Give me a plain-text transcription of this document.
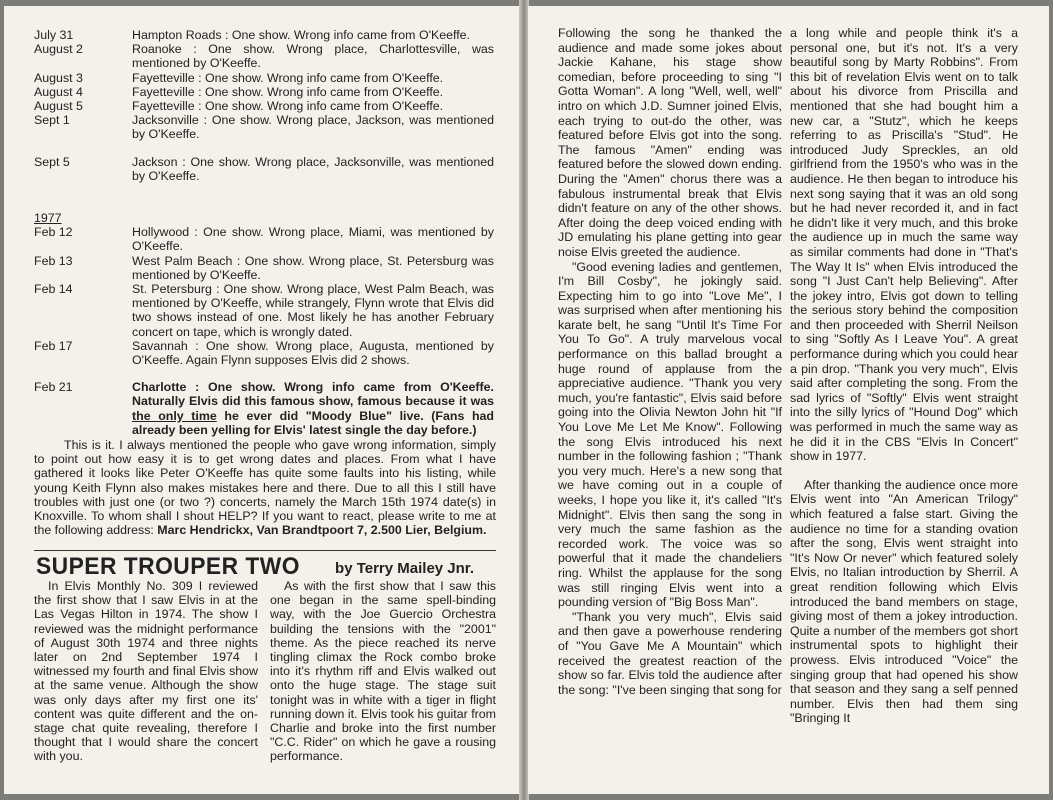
July 31	Hampton Roads : One show. Wrong info came from O'Keeffe.
August 2	Roanoke : One show. Wrong place, Charlottesville, was mentioned by O'Keeffe.
August 3	Fayetteville : One show. Wrong info came from O'Keeffe.
August 4	Fayetteville : One show. Wrong info came from O'Keeffe.
August 5	Fayetteville : One show. Wrong info came from O'Keeffe.
Sept 1	Jacksonville : One show. Wrong place, Jackson, was mentioned by O'Keeffe.
Sept 5	Jackson : One show. Wrong place, Jacksonville, was mentioned by O'Keeffe.
1977
Feb 12	Hollywood : One show. Wrong place, Miami, was mentioned by O'Keeffe.
Feb 13	West Palm Beach : One show. Wrong place, St. Petersburg was mentioned by O'Keeffe.
Feb 14	St. Petersburg : One show. Wrong place, West Palm Beach, was mentioned by O'Keeffe, while strangely, Flynn wrote that Elvis did two shows instead of one. Most likely he has another February concert on tape, which is wrongly dated.
Feb 17	Savannah : One show. Wrong place, Augusta, mentioned by O'Keeffe. Again Flynn supposes Elvis did 2 shows.
Feb 21	Charlotte : One show. Wrong info came from O'Keeffe. Naturally Elvis did this famous show, famous because it was the only time he ever did "Moody Blue" live. (Fans had already been yelling for Elvis' latest single the day before.)
This is it. I always mentioned the people who gave wrong information, simply to point out how easy it is to get wrong dates and places. From what I have gathered it looks like Peter O'Keeffe has quite some faults into his listing, while young Keith Flynn also makes mistakes here and there. Due to all this I still have troubles with just one (or two ?) concerts, namely the March 15th 1974 date(s) in Knoxville. To whom shall I shout HELP? If you want to react, please write to me at the following address: Marc Hendrickx, Van Brandtpoort 7, 2.500 Lier, Belgium.
SUPER TROUPER TWO by Terry Mailey Jnr.
In Elvis Monthly No. 309 I reviewed the first show that I saw Elvis in at the Las Vegas Hilton in 1974. The show I reviewed was the midnight performance of August 30th 1974 and three nights later on 2nd September 1974 I witnessed my fourth and final Elvis show at the same venue. Although the show was only days after my first one its' content was quite different and the on-stage chat quite revealing, therefore I thought that I would share the concert with you.
As with the first show that I saw this one began in the same spell-binding way, with the Joe Guercio Orchestra building the tensions with the "2001" theme. As the piece reached its nerve tingling climax the Rock combo broke into it's rhythm riff and Elvis walked out onto the huge stage. The stage suit tonight was in white with a tiger in flight running down it. Elvis took his guitar from Charlie and broke into the first number "C.C. Rider" on which he gave a rousing performance.

Following the song he thanked the audience and made some jokes about Jackie Kahane, his stage show comedian, before proceeding to sing "I Gotta Woman". A long "Well, well, well" intro on which J.D. Sumner joined Elvis, each trying to out-do the other, was featured before Elvis got into the song. The famous "Amen" ending was featured before the slowed down ending. During the "Amen" chorus there was a fabulous instrumental break that Elvis didn't feature on any of the other shows. After doing the deep voiced ending with JD emulating his plane getting into gear noise Elvis greeted the audience.

"Good evening ladies and gentlemen, I'm Bill Cosby", he jokingly said. Expecting him to go into "Love Me", I was surprised when after mentioning his karate belt, he sang "Until It's Time For You To Go". A truly marvelous vocal performance on this ballad brought a huge round of applause from the appreciative audience. "Thank you very much, you're fantastic", Elvis said before going into the Olivia Newton John hit "If You Love Me Let Me Know". Following the song Elvis introduced his next number in the following fashion ; "Thank you very much. Here's a new song that we have coming out in a couple of weeks, I hope you like it, it's called "It's Midnight". Elvis then sang the song in very much the same fashion as the recorded work. The voice was so powerful that it made the chandeliers ring. Whilst the applause for the song was still ringing Elvis went into a pounding version of "Big Boss Man".

"Thank you very much", Elvis said and then gave a powerhouse rendering of "You Gave Me A Mountain" which received the greatest reaction of the show so far. Elvis told the audience after the song: "I've been singing that song for

a long while and people think it's a personal one, but it's not. It's a very beautiful song by Marty Robbins". From this bit of revelation Elvis went on to talk about his divorce from Priscilla and mentioned that she had bought him a new car, a "Stutz", which he keeps referring to as Priscilla's "Stud". He introduced Judy Spreckles, an old girlfriend from the 1950's who was in the audience. He then began to introduce his next song saying that it was an old song but he had never recorded it, and in fact he didn't like it very much, and this broke the audience up in much the same way as similar comments had done in "That's The Way It Is" when Elvis introduced the song "I Just Can't help Believing". After the jokey intro, Elvis got down to telling the serious story behind the composition and then proceeded with Sherril Neilson to sing "Softly As I Leave You". A great performance during which you could hear a pin drop. "Thank you very much", Elvis said after completing the song. From the sad lyrics of "Softly" Elvis went straight into the silly lyrics of "Hound Dog" which was performed in much the same way as he did it in the CBS "Elvis In Concert" show in 1977.

After thanking the audience once more Elvis went into "An American Trilogy" which featured a false start. Giving the audience no time for a standing ovation after the song, Elvis went straight into "It's Now Or never" which featured solely Elvis, no Italian introduction by Sherril. A great rendition following which Elvis introduced the band members on stage, giving most of them a jokey introduction. Quite a number of the members got short instrumental spots to highlight their prowess. Elvis introduced "Voice" the singing group that had opened his show that season and they sang a self penned number. Elvis then had them sing "Bringing It
